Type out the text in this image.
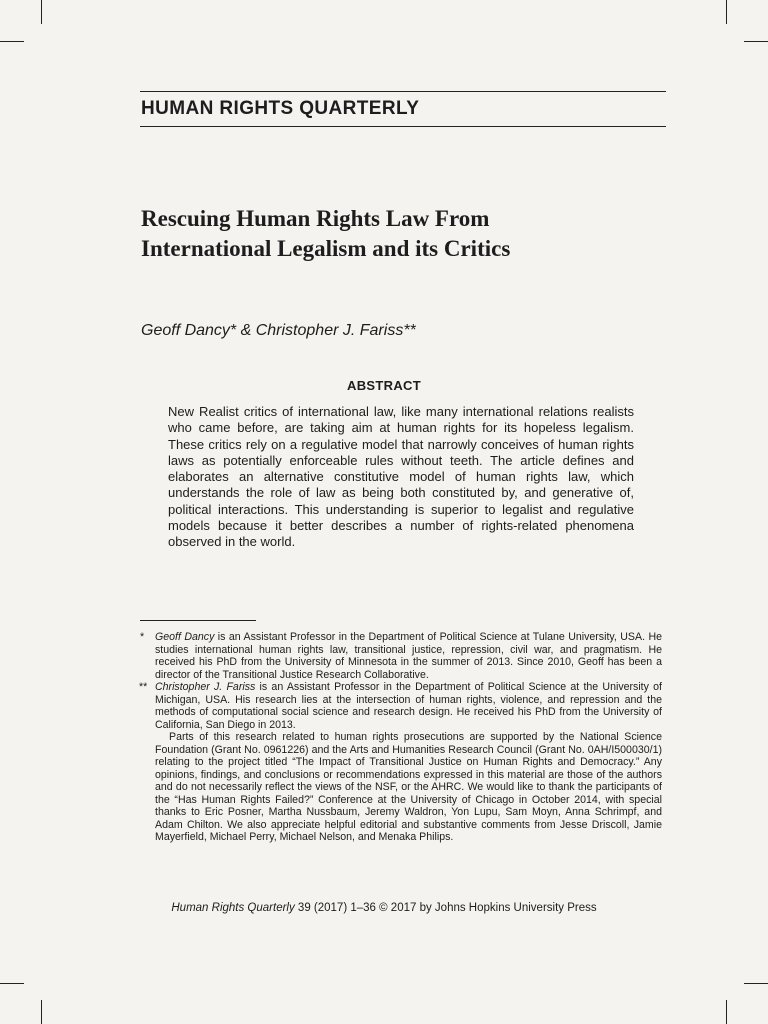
HUMAN RIGHTS QUARTERLY
Rescuing Human Rights Law From
International Legalism and its Critics
Geoff Dancy* & Christopher J. Fariss**
ABSTRACT
New Realist critics of international law, like many international relations realists who came before, are taking aim at human rights for its hopeless legalism. These critics rely on a regulative model that narrowly conceives of human rights laws as potentially enforceable rules without teeth. The article defines and elaborates an alternative constitutive model of human rights law, which understands the role of law as being both constituted by, and generative of, political interactions. This understanding is superior to legalist and regulative models because it better describes a number of rights-related phenomena observed in the world.
* Geoff Dancy is an Assistant Professor in the Department of Political Science at Tulane University, USA. He studies international human rights law, transitional justice, repression, civil war, and pragmatism. He received his PhD from the University of Minnesota in the summer of 2013. Since 2010, Geoff has been a director of the Transitional Justice Research Collaborative.
** Christopher J. Fariss is an Assistant Professor in the Department of Political Science at the University of Michigan, USA. His research lies at the intersection of human rights, violence, and repression and the methods of computational social science and research design. He received his PhD from the University of California, San Diego in 2013.
Parts of this research related to human rights prosecutions are supported by the National Science Foundation (Grant No. 0961226) and the Arts and Humanities Research Council (Grant No. 0AH/I500030/1) relating to the project titled “The Impact of Transitional Justice on Human Rights and Democracy.” Any opinions, findings, and conclusions or recommendations expressed in this material are those of the authors and do not necessarily reflect the views of the NSF, or the AHRC. We would like to thank the participants of the “Has Human Rights Failed?” Conference at the University of Chicago in October 2014, with special thanks to Eric Posner, Martha Nussbaum, Jeremy Waldron, Yon Lupu, Sam Moyn, Anna Schrimpf, and Adam Chilton. We also appreciate helpful editorial and substantive comments from Jesse Driscoll, Jamie Mayerfield, Michael Perry, Michael Nelson, and Menaka Philips.
Human Rights Quarterly 39 (2017) 1–36 © 2017 by Johns Hopkins University Press
